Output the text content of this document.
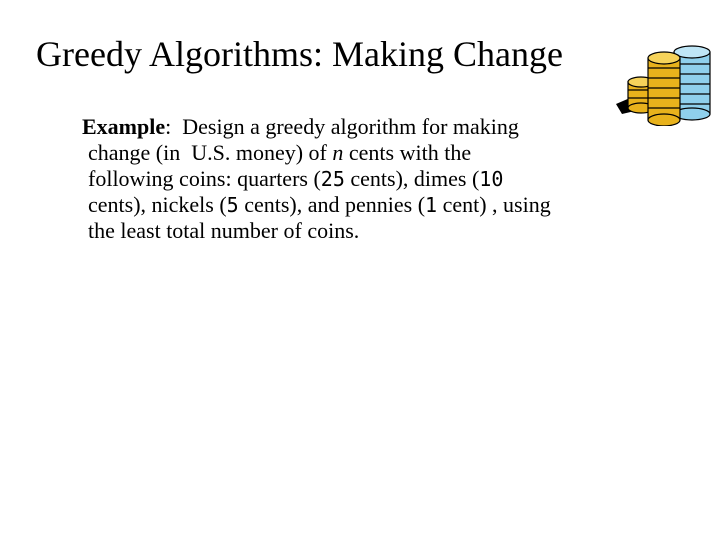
Greedy Algorithms: Making Change
Example:  Design a greedy algorithm for making
change (in  U.S. money) of n cents with the
following coins: quarters (25 cents), dimes (10
cents), nickels (5 cents), and pennies (1 cent) , using
the least total number of coins.
